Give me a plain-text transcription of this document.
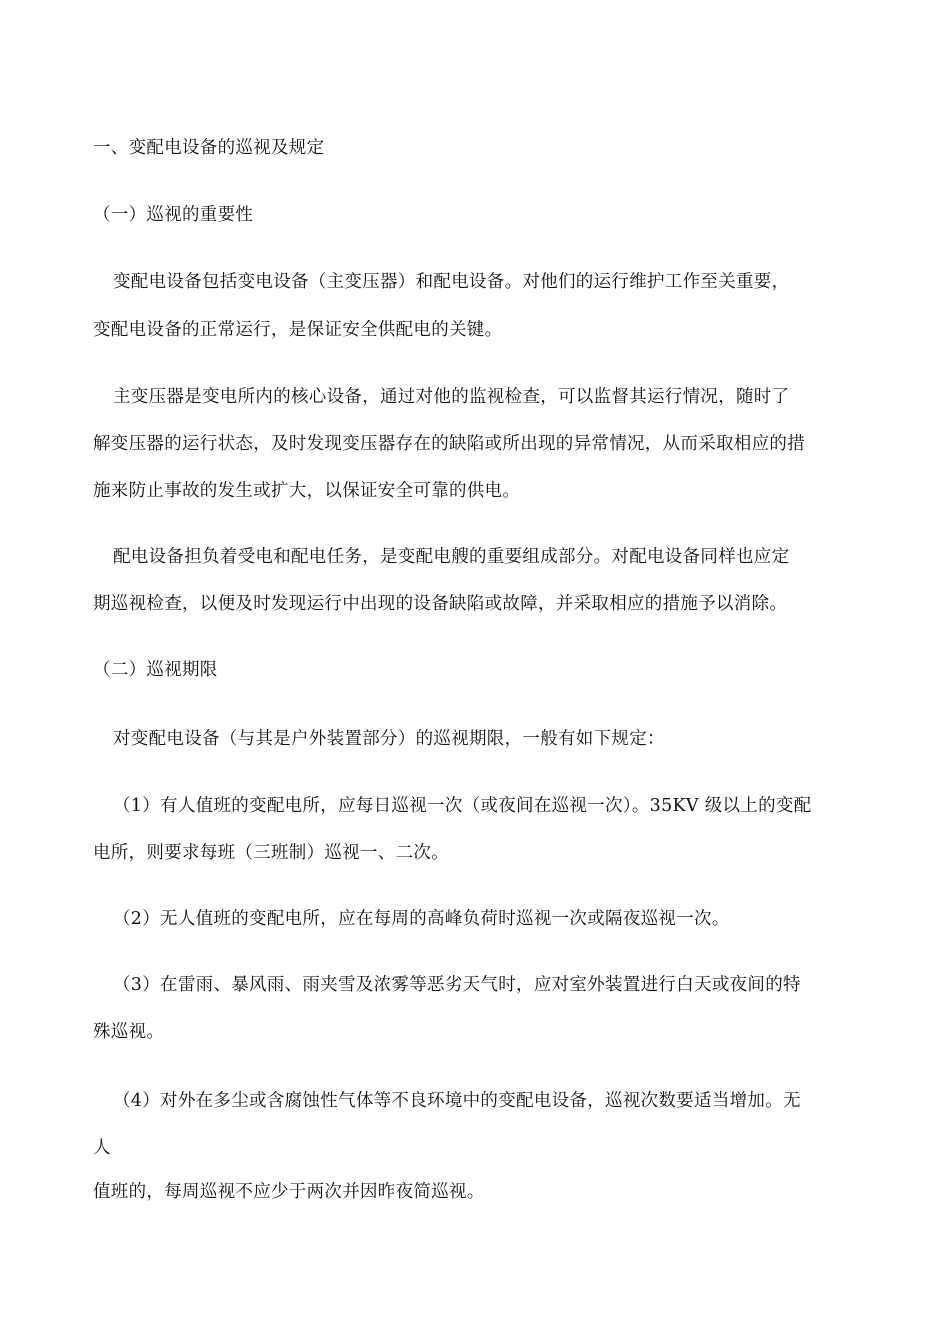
一、变配电设备的巡视及规定
（一）巡视的重要性
变配电设备包括变电设备（主变压器）和配电设备。对他们的运行维护工作至关重要，
变配电设备的正常运行，是保证安全供配电的关键。
主变压器是变电所内的核心设备，通过对他的监视检查，可以监督其运行情况，随时了
解变压器的运行状态，及时发现变压器存在的缺陷或所出现的异常情况，从而采取相应的措
施来防止事故的发生或扩大，以保证安全可靠的供电。
配电设备担负着受电和配电任务，是变配电艘的重要组成部分。对配电设备同样也应定
期巡视检查，以便及时发现运行中出现的设备缺陷或故障，并采取相应的措施予以消除。
（二）巡视期限
对变配电设备（与其是户外装置部分）的巡视期限，一般有如下规定：
（1）有人值班的变配电所，应每日巡视一次（或夜间在巡视一次）。35KV 级以上的变配
电所，则要求每班（三班制）巡视一、二次。
（2）无人值班的变配电所，应在每周的高峰负荷时巡视一次或隔夜巡视一次。
（3）在雷雨、暴风雨、雨夹雪及浓雾等恶劣天气时，应对室外装置进行白天或夜间的特
殊巡视。
（4）对外在多尘或含腐蚀性气体等不良环境中的变配电设备，巡视次数要适当增加。无
人
值班的，每周巡视不应少于两次并因昨夜简巡视。
